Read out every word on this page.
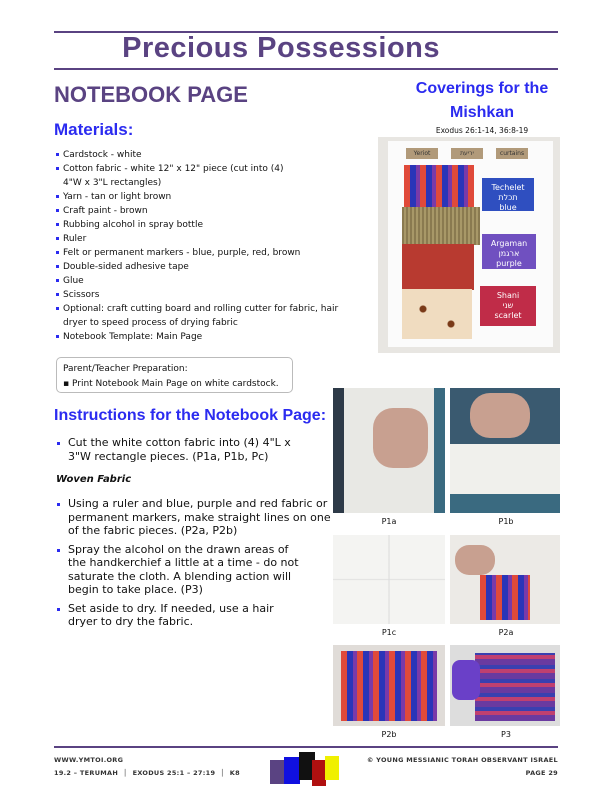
Precious Possessions
NOTEBOOK PAGE
Materials:
Cardstock - white
Cotton fabric - white 12" x 12" piece (cut into (4) 4"W x 3"L rectangles)
Yarn - tan or light brown
Craft paint - brown
Rubbing alcohol in spray bottle
Ruler
Felt or permanent markers - blue, purple, red, brown
Double-sided adhesive tape
Glue
Scissors
Optional: craft cutting board and rolling cutter for fabric, hair dryer to speed process of drying fabric
Notebook Template: Main Page
Parent/Teacher Preparation:
▪ Print Notebook Main Page on white cardstock.
Instructions for the Notebook Page:
Cut the white cotton fabric into (4) 4"L x 3"W rectangle pieces. (P1a, P1b, Pc)
Woven Fabric
Using a ruler and blue, purple and red fabric or permanent markers, make straight lines on one of the fabric pieces. (P2a, P2b)
Spray the alcohol on the drawn areas of the handkerchief a little at a time - do not saturate the cloth. A blending action will begin to take place. (P3)
Set aside to dry. If needed, use a hair dryer to dry the fabric.
Coverings for the Mishkan
Exodus 26:1-14, 36:8-19
Yeriot	יריעת	curtains
Techelet
תכלת
blue
Argaman
ארגמן
purple
Shani
שני
scarlet
P1a	P1b
P1c	P2a
P2b	P3
WWW.YMTOI.ORG
19.2 – TERUMAH  │  EXODUS 25:1 – 27:19  │  K8
© YOUNG MESSIANIC TORAH OBSERVANT ISRAEL
PAGE 29
